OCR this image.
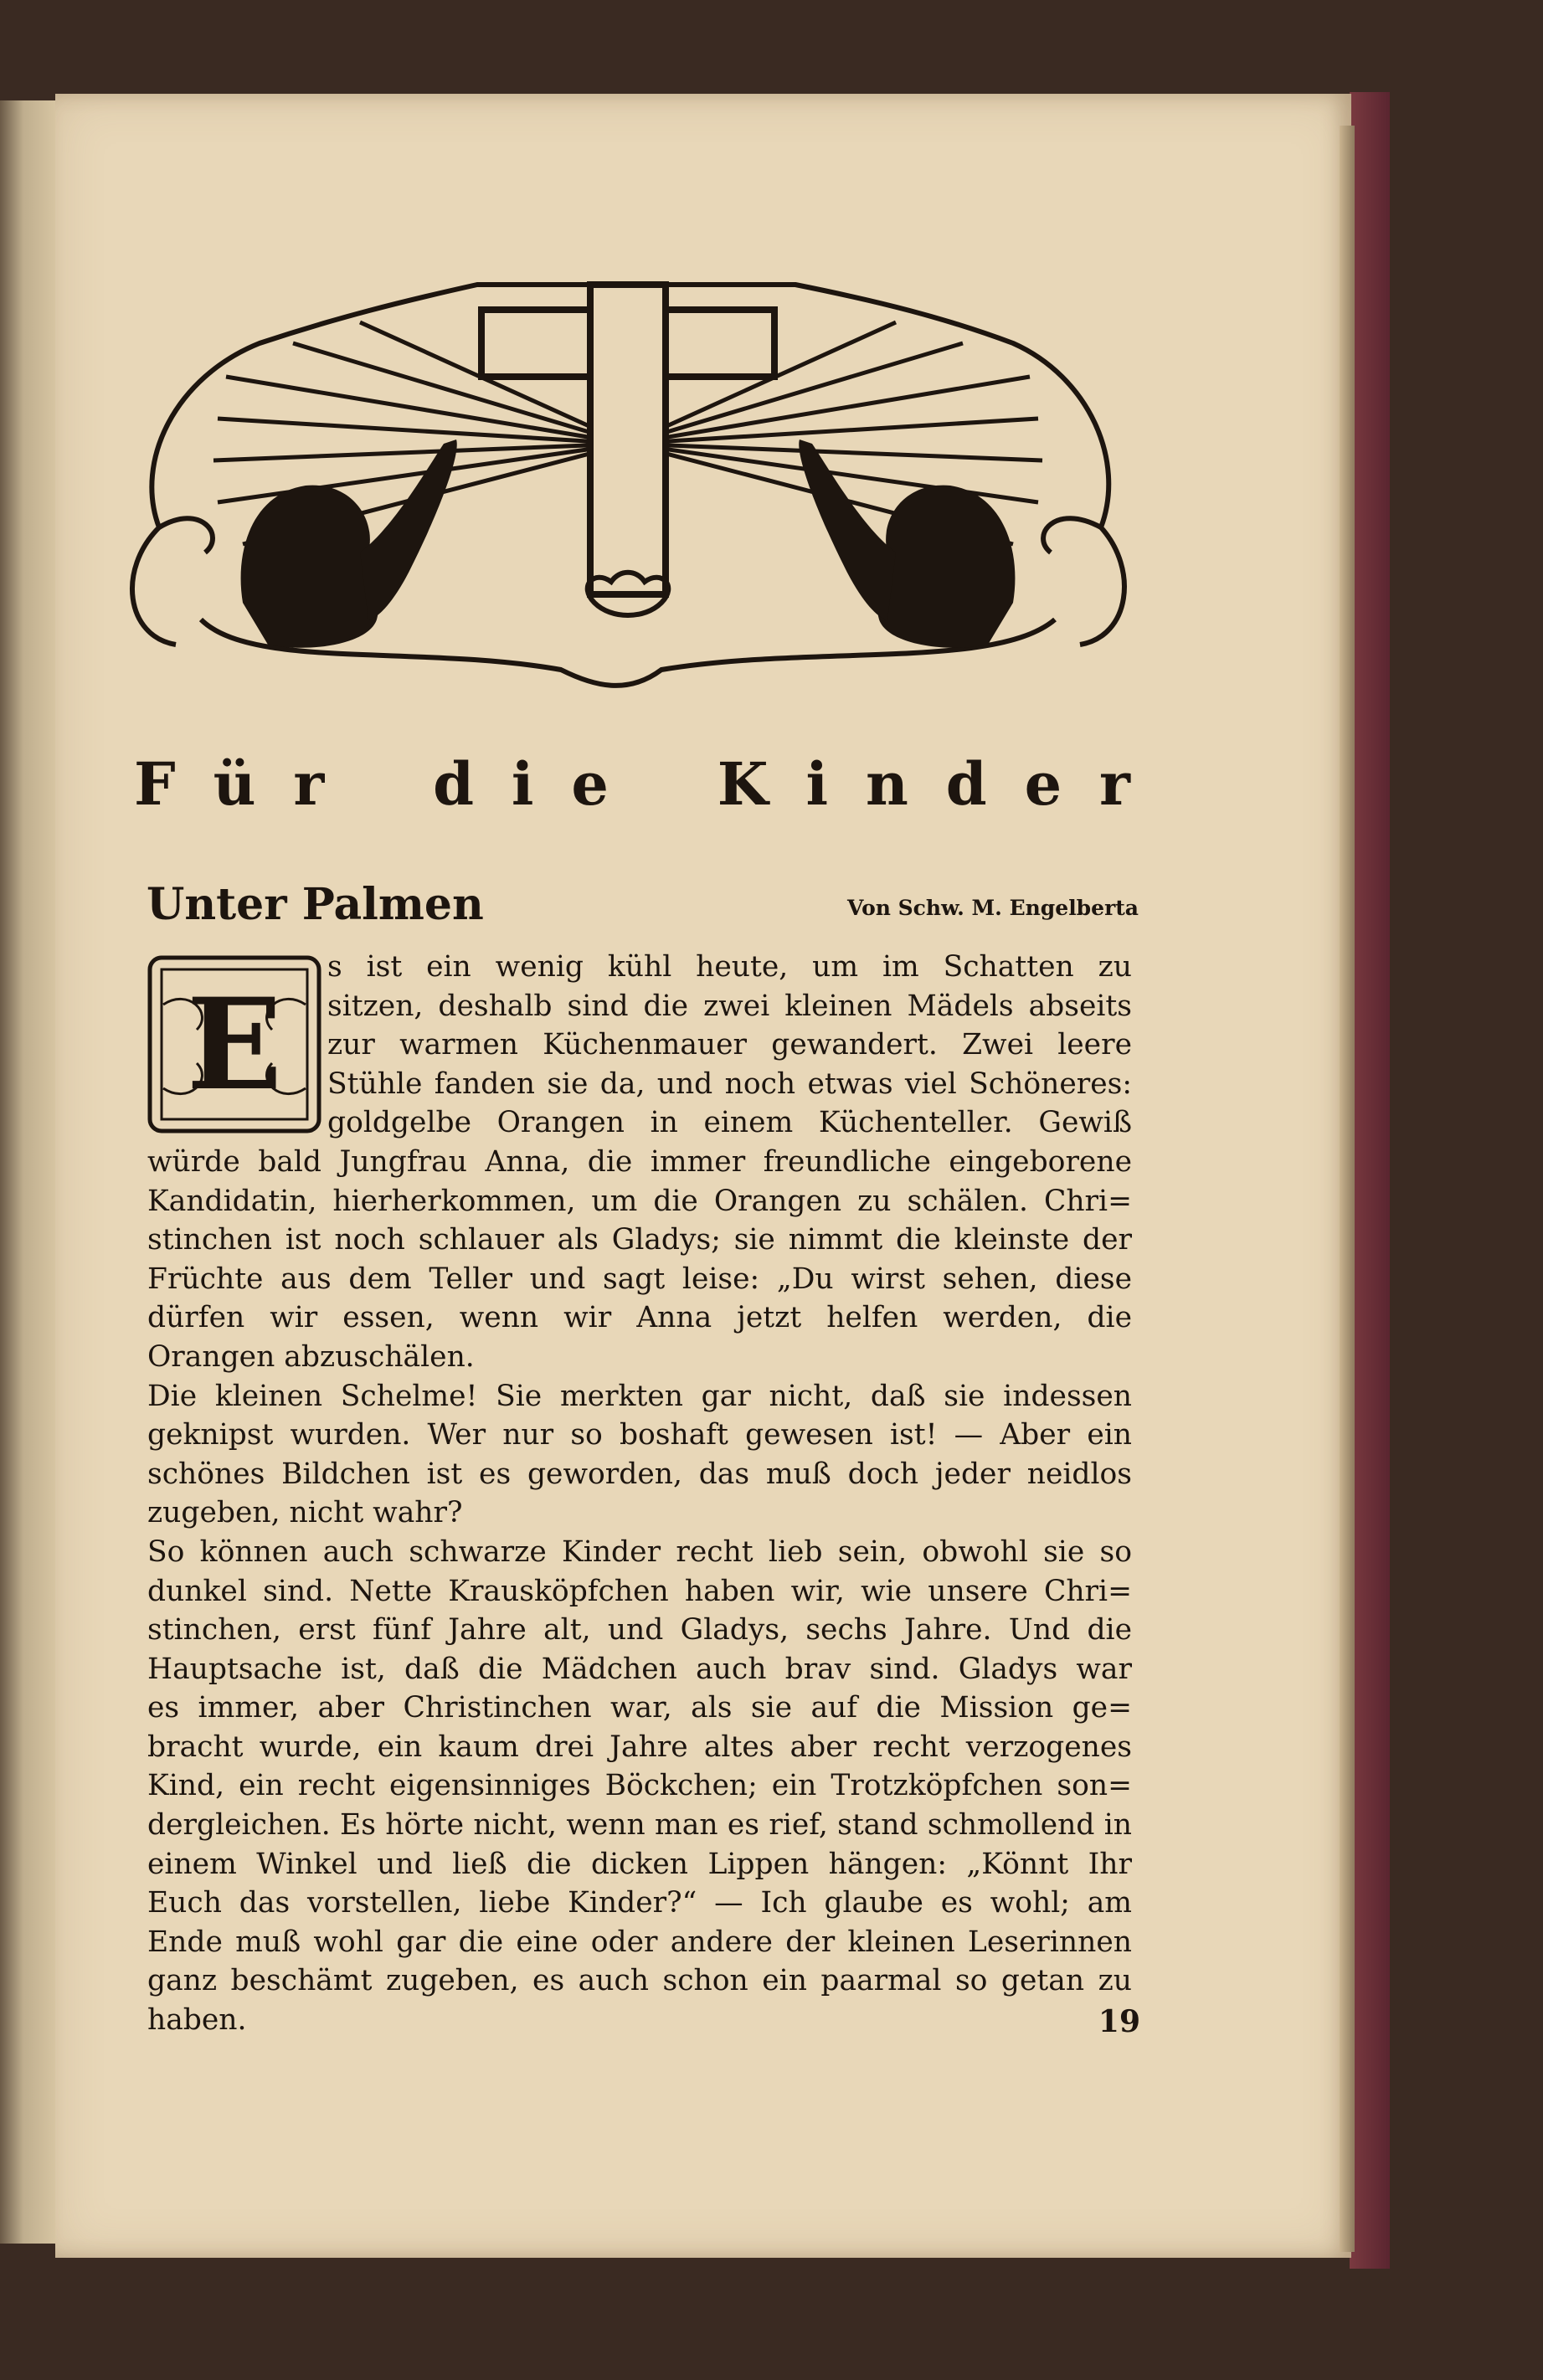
F ü r d i e K i n d e r
Unter Palmen	Von Schw. M. Engelberta
E
s ist ein wenig kühl heute, um im Schatten zu
sitzen, deshalb sind die zwei kleinen Mädels abseits
zur warmen Küchenmauer gewandert. Zwei leere
Stühle fanden sie da, und noch etwas viel Schöneres:
goldgelbe Orangen in einem Küchenteller. Gewiß
würde bald Jungfrau Anna, die immer freundliche eingeborene
Kandidatin, hierherkommen, um die Orangen zu schälen. Chri=
stinchen ist noch schlauer als Gladys; sie nimmt die kleinste der
Früchte aus dem Teller und sagt leise: „Du wirst sehen, diese
dürfen wir essen, wenn wir Anna jetzt helfen werden, die
Orangen abzuschälen.
Die kleinen Schelme! Sie merkten gar nicht, daß sie indessen
geknipst wurden. Wer nur so boshaft gewesen ist! — Aber ein
schönes Bildchen ist es geworden, das muß doch jeder neidlos
zugeben, nicht wahr?
So können auch schwarze Kinder recht lieb sein, obwohl sie so
dunkel sind. Nette Krausköpfchen haben wir, wie unsere Chri=
stinchen, erst fünf Jahre alt, und Gladys, sechs Jahre. Und die
Hauptsache ist, daß die Mädchen auch brav sind. Gladys war
es immer, aber Christinchen war, als sie auf die Mission ge=
bracht wurde, ein kaum drei Jahre altes aber recht verzogenes
Kind, ein recht eigensinniges Böckchen; ein Trotzköpfchen son=
dergleichen. Es hörte nicht, wenn man es rief, stand schmollend in
einem Winkel und ließ die dicken Lippen hängen: „Könnt Ihr
Euch das vorstellen, liebe Kinder?“ — Ich glaube es wohl; am
Ende muß wohl gar die eine oder andere der kleinen Leserinnen
ganz beschämt zugeben, es auch schon ein paarmal so getan zu
haben.	19
